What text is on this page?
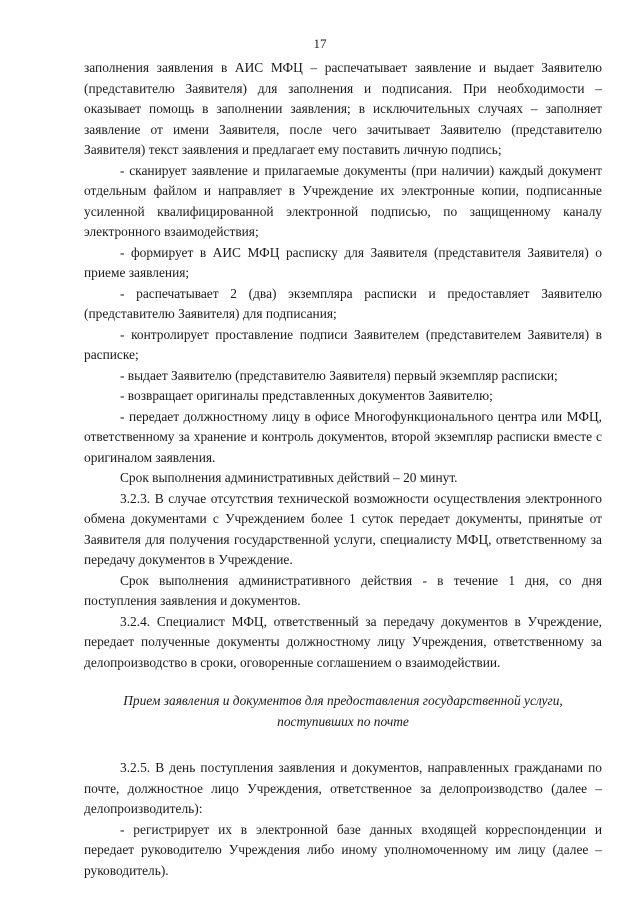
17

заполнения заявления в АИС МФЦ – распечатывает заявление и выдает Заявителю (представителю Заявителя) для заполнения и подписания. При необходимости – оказывает помощь в заполнении заявления; в исключительных случаях – заполняет заявление от имени Заявителя, после чего зачитывает Заявителю (представителю Заявителя) текст заявления и предлагает ему поставить личную подпись;

- сканирует заявление и прилагаемые документы (при наличии) каждый документ отдельным файлом и направляет в Учреждение их электронные копии, подписанные усиленной квалифицированной электронной подписью, по защищенному каналу электронного взаимодействия;

- формирует в АИС МФЦ расписку для Заявителя (представителя Заявителя) о приеме заявления;

- распечатывает 2 (два) экземпляра расписки и предоставляет Заявителю (представителю Заявителя) для подписания;

- контролирует проставление подписи Заявителем (представителем Заявителя) в расписке;

- выдает Заявителю (представителю Заявителя) первый экземпляр расписки;

- возвращает оригиналы представленных документов Заявителю;

- передает должностному лицу в офисе Многофункционального центра или МФЦ, ответственному за хранение и контроль документов, второй экземпляр расписки вместе с оригиналом заявления.

Срок выполнения административных действий – 20 минут.

3.2.3. В случае отсутствия технической возможности осуществления электронного обмена документами с Учреждением более 1 суток передает документы, принятые от Заявителя для получения государственной услуги, специалисту МФЦ, ответственному за передачу документов в Учреждение.

Срок выполнения административного действия - в течение 1 дня, со дня поступления заявления и документов.

3.2.4. Специалист МФЦ, ответственный за передачу документов в Учреждение, передает полученные документы должностному лицу Учреждения, ответственному за делопроизводство в сроки, оговоренные соглашением о взаимодействии.

Прием заявления и документов для предоставления государственной услуги, поступивших по почте

3.2.5. В день поступления заявления и документов, направленных гражданами по почте, должностное лицо Учреждения, ответственное за делопроизводство (далее – делопроизводитель):

- регистрирует их в электронной базе данных входящей корреспонденции и передает руководителю Учреждения либо иному уполномоченному им лицу (далее – руководитель).
